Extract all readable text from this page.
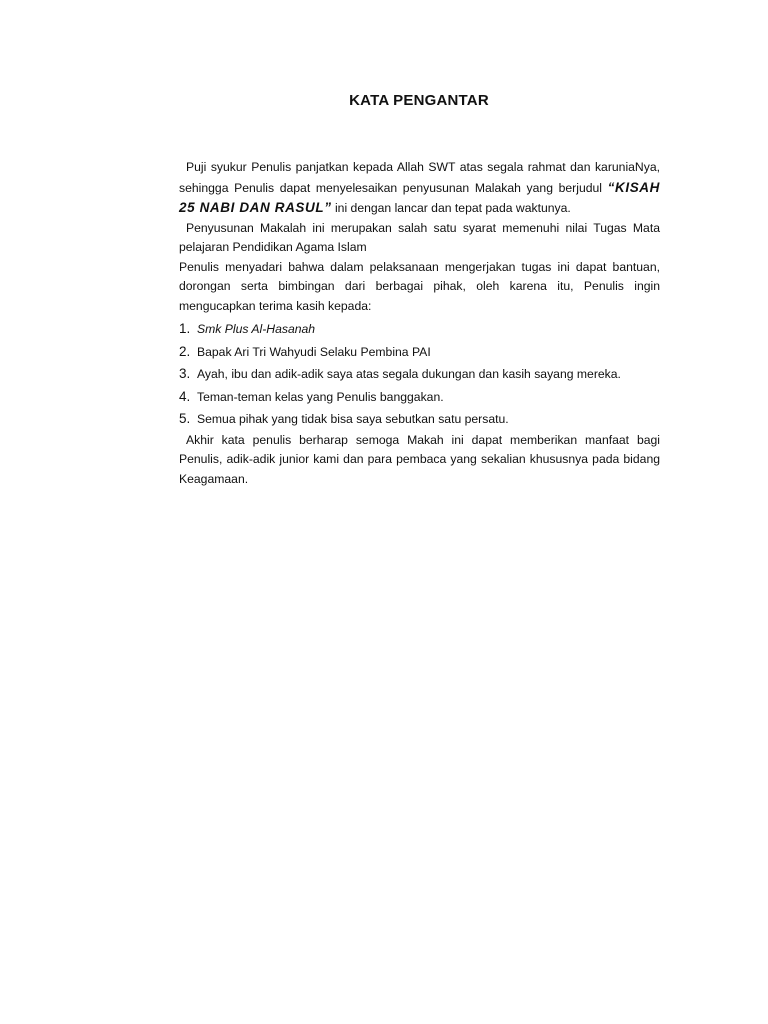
KATA PENGANTAR

Puji syukur Penulis panjatkan kepada Allah SWT atas segala rahmat dan karuniaNya, sehingga Penulis dapat menyelesaikan penyusunan Malakah yang berjudul “KISAH 25 NABI DAN RASUL” ini dengan lancar dan tepat pada waktunya.

Penyusunan Makalah ini merupakan salah satu syarat memenuhi nilai Tugas Mata pelajaran Pendidikan Agama Islam

Penulis menyadari bahwa dalam pelaksanaan mengerjakan tugas ini dapat bantuan, dorongan serta bimbingan dari berbagai pihak, oleh karena itu, Penulis ingin mengucapkan terima kasih kepada:

1. Smk Plus Al-Hasanah
2. Bapak Ari Tri Wahyudi Selaku Pembina PAI
3. Ayah, ibu dan adik-adik saya atas segala dukungan dan kasih sayang mereka.
4. Teman-teman kelas yang Penulis banggakan.
5. Semua pihak yang tidak bisa saya sebutkan satu persatu.

Akhir kata penulis berharap semoga Makah ini dapat memberikan manfaat bagi Penulis, adik-adik junior kami dan para pembaca yang sekalian khususnya pada bidang Keagamaan.
